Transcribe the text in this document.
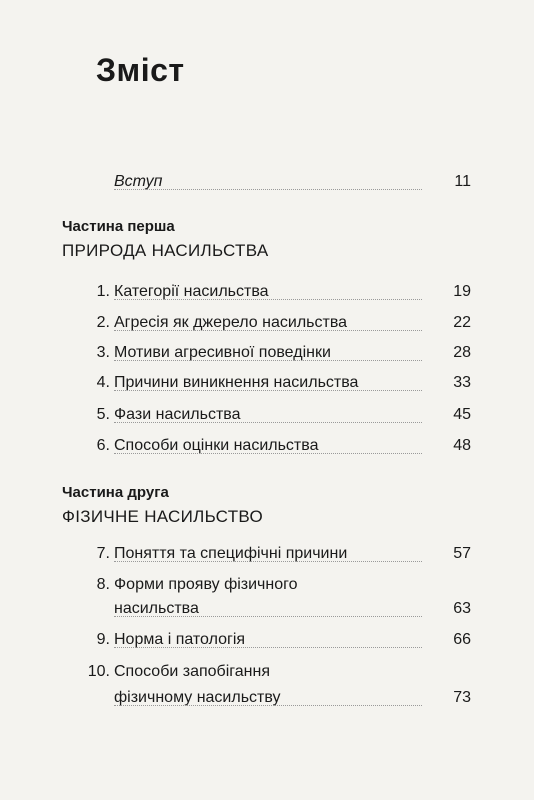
Зміст
Вступ	11
Частина перша
ПРИРОДА НАСИЛЬСТВА
1. Категорії насильства	19
2. Агресія як джерело насильства	22
3. Мотиви агресивної поведінки	28
4. Причини виникнення насильства	33
5. Фази насильства	45
6. Способи оцінки насильства	48
Частина друга
ФІЗИЧНЕ НАСИЛЬСТВО
7. Поняття та специфічні причини	57
8. Форми прояву фізичного
насильства	63
9. Норма і патологія	66
10. Способи запобігання
фізичному насильству	73
